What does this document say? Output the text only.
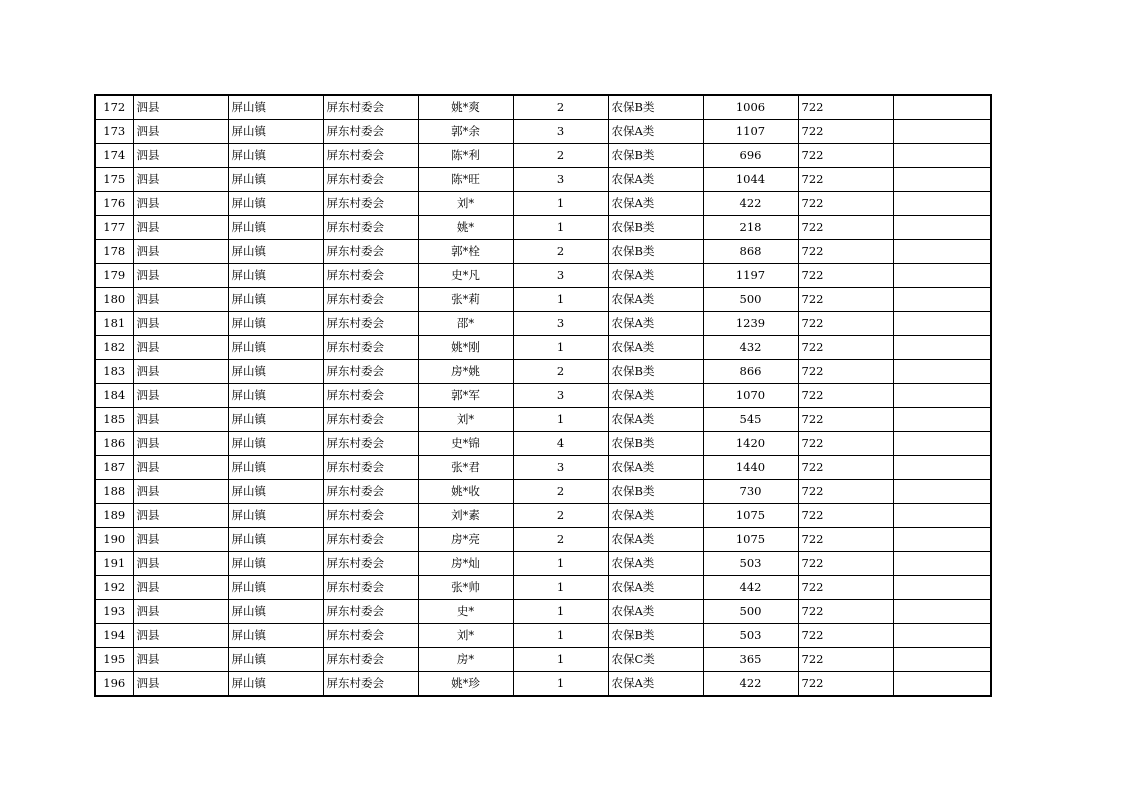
172	泗县	屏山镇	屏东村委会	姚*爽	2	农保B类	1006	722	
173	泗县	屏山镇	屏东村委会	郭*余	3	农保A类	1107	722	
174	泗县	屏山镇	屏东村委会	陈*利	2	农保B类	696	722	
175	泗县	屏山镇	屏东村委会	陈*旺	3	农保A类	1044	722	
176	泗县	屏山镇	屏东村委会	刘*	1	农保A类	422	722	
177	泗县	屏山镇	屏东村委会	姚*	1	农保B类	218	722	
178	泗县	屏山镇	屏东村委会	郭*栓	2	农保B类	868	722	
179	泗县	屏山镇	屏东村委会	史*凡	3	农保A类	1197	722	
180	泗县	屏山镇	屏东村委会	张*莉	1	农保A类	500	722	
181	泗县	屏山镇	屏东村委会	邵*	3	农保A类	1239	722	
182	泗县	屏山镇	屏东村委会	姚*刚	1	农保A类	432	722	
183	泗县	屏山镇	屏东村委会	房*姚	2	农保B类	866	722	
184	泗县	屏山镇	屏东村委会	郭*军	3	农保A类	1070	722	
185	泗县	屏山镇	屏东村委会	刘*	1	农保A类	545	722	
186	泗县	屏山镇	屏东村委会	史*锦	4	农保B类	1420	722	
187	泗县	屏山镇	屏东村委会	张*君	3	农保A类	1440	722	
188	泗县	屏山镇	屏东村委会	姚*收	2	农保B类	730	722	
189	泗县	屏山镇	屏东村委会	刘*素	2	农保A类	1075	722	
190	泗县	屏山镇	屏东村委会	房*亮	2	农保A类	1075	722	
191	泗县	屏山镇	屏东村委会	房*灿	1	农保A类	503	722	
192	泗县	屏山镇	屏东村委会	张*帅	1	农保A类	442	722	
193	泗县	屏山镇	屏东村委会	史*	1	农保A类	500	722	
194	泗县	屏山镇	屏东村委会	刘*	1	农保B类	503	722	
195	泗县	屏山镇	屏东村委会	房*	1	农保C类	365	722	
196	泗县	屏山镇	屏东村委会	姚*珍	1	农保A类	422	722	
